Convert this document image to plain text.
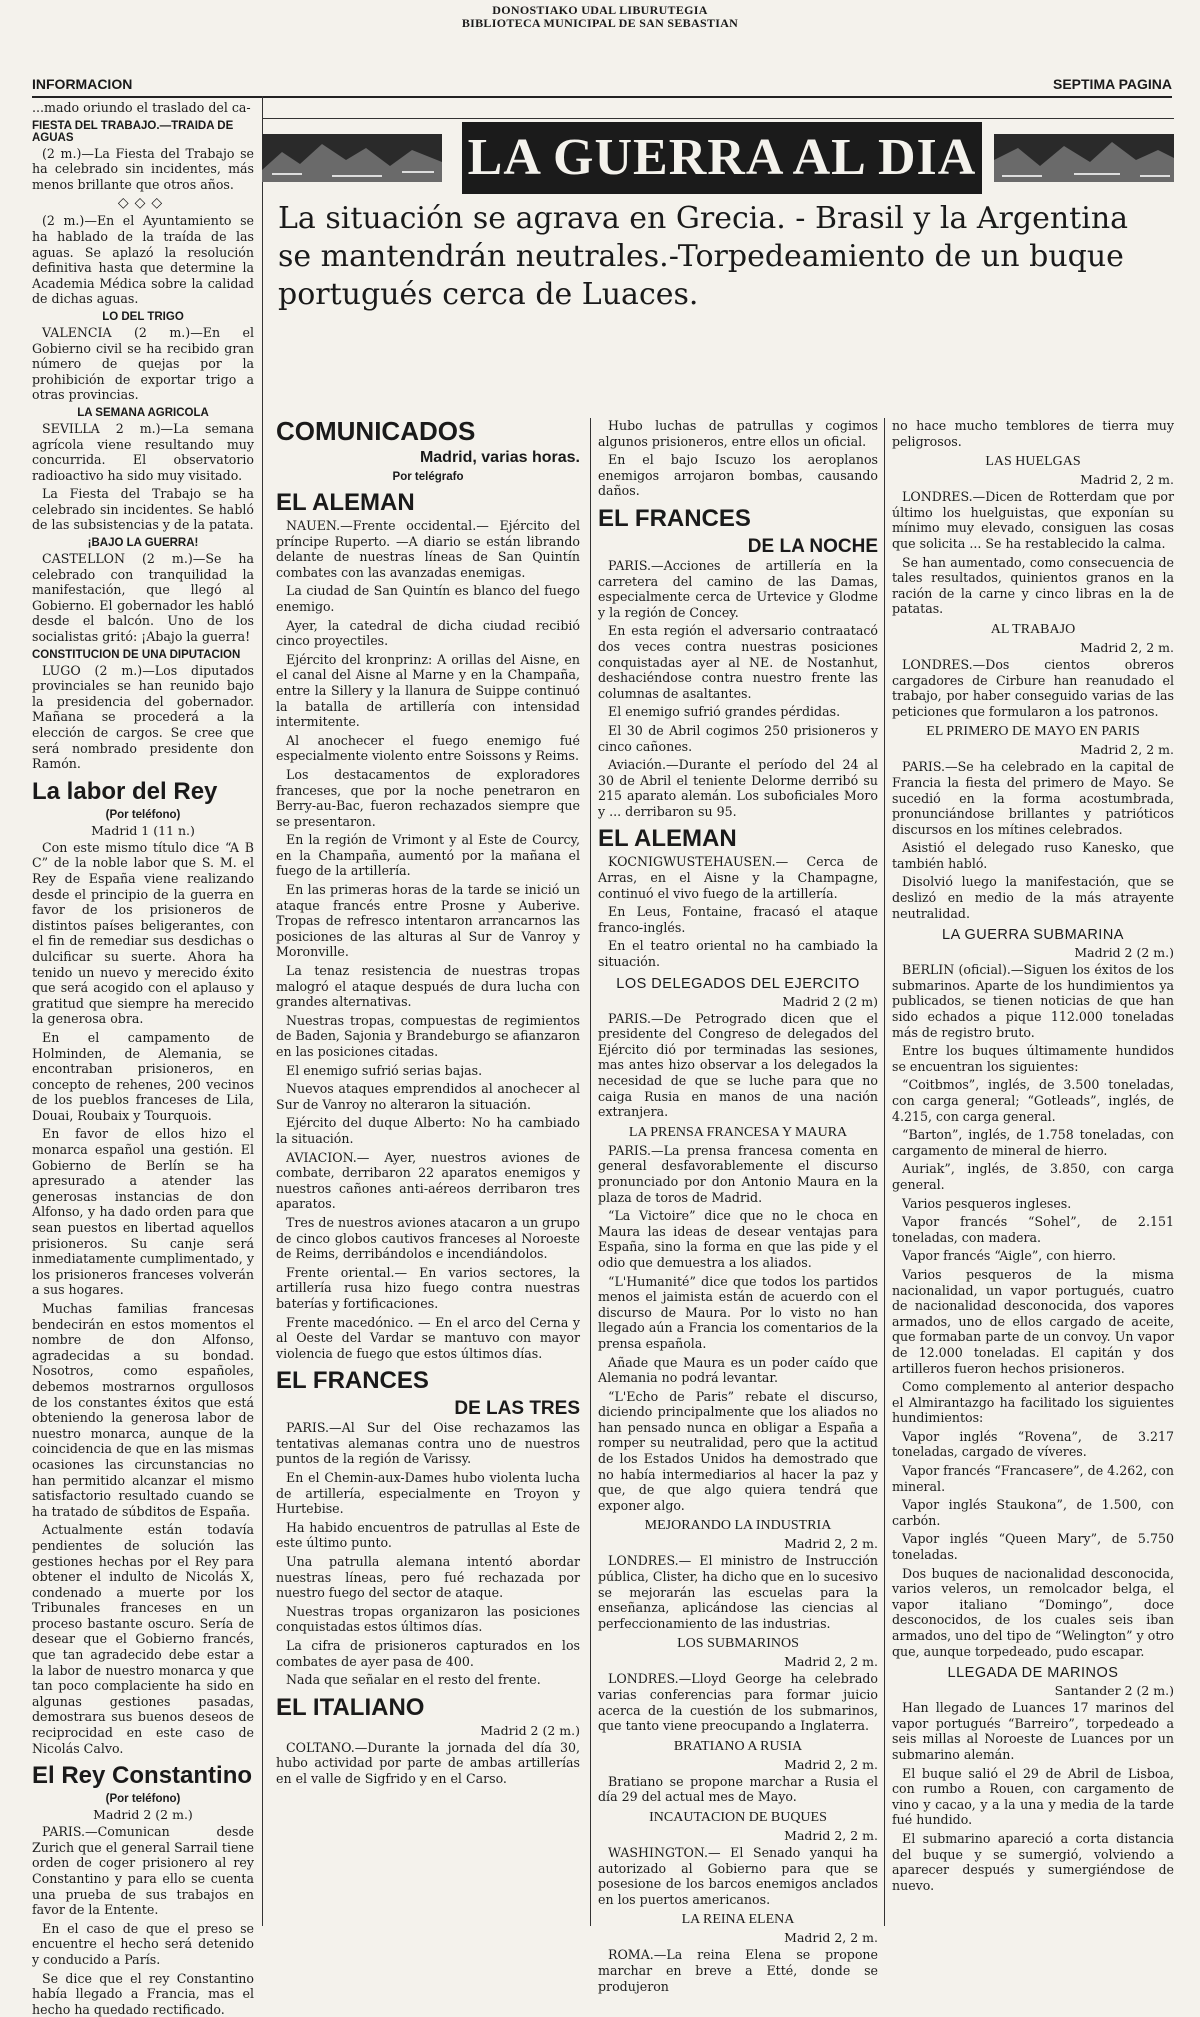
DONOSTIAKO UDAL LIBURUTEGIA
BIBLIOTECA MUNICIPAL DE SAN SEBASTIAN
INFORMACION	SEPTIMA PAGINA
LA GUERRA AL DIA
La situación se agrava en Grecia. - Brasil y la Argentina se mantendrán neutrales.-Torpedeamiento de un buque portugués cerca de Luaces.

...mado oriundo el traslado del ca-

FIESTA DEL TRABAJO.—TRAIDA DE AGUAS

(2 m.)—La Fiesta del Trabajo se ha celebrado sin incidentes, más menos brillante que otros años.

◇◇◇

(2 m.)—En el Ayuntamiento se ha hablado de la traída de las aguas. Se aplazó la resolución definitiva hasta que determine la Academia Médica sobre la calidad de dichas aguas.

LO DEL TRIGO

VALENCIA (2 m.)—En el Gobierno civil se ha recibido gran número de quejas por la prohibición de exportar trigo a otras provincias.

LA SEMANA AGRICOLA

SEVILLA 2 m.)—La semana agrícola viene resultando muy concurrida. El observatorio radioactivo ha sido muy visitado.

La Fiesta del Trabajo se ha celebrado sin incidentes. Se habló de las subsistencias y de la patata.

¡BAJO LA GUERRA!

CASTELLON (2 m.)—Se ha celebrado con tranquilidad la manifestación, que llegó al Gobierno. El gobernador les habló desde el balcón. Uno de los socialistas gritó: ¡Abajo la guerra!

CONSTITUCION DE UNA DIPUTACION

LUGO (2 m.)—Los diputados provinciales se han reunido bajo la presidencia del gobernador. Mañana se procederá a la elección de cargos. Se cree que será nombrado presidente don Ramón.

La labor del Rey
(Por teléfono)
Madrid 1 (11 n.)

Con este mismo título dice “A B C” de la noble labor que S. M. el Rey de España viene realizando desde el principio de la guerra en favor de los prisioneros de distintos países beligerantes, con el fin de remediar sus desdichas o dulcificar su suerte. Ahora ha tenido un nuevo y merecido éxito que será acogido con el aplauso y gratitud que siempre ha merecido la generosa obra.

En el campamento de Holminden, de Alemania, se encontraban prisioneros, en concepto de rehenes, 200 vecinos de los pueblos franceses de Lila, Douai, Roubaix y Tourquois.

En favor de ellos hizo el monarca español una gestión. El Gobierno de Berlín se ha apresurado a atender las generosas instancias de don Alfonso, y ha dado orden para que sean puestos en libertad aquellos prisioneros. Su canje será inmediatamente cumplimentado, y los prisioneros franceses volverán a sus hogares.

Muchas familias francesas bendecirán en estos momentos el nombre de don Alfonso, agradecidas a su bondad. Nosotros, como españoles, debemos mostrarnos orgullosos de los constantes éxitos que está obteniendo la generosa labor de nuestro monarca, aunque de la coincidencia de que en las mismas ocasiones las circunstancias no han permitido alcanzar el mismo satisfactorio resultado cuando se ha tratado de súbditos de España.

Actualmente están todavía pendientes de solución las gestiones hechas por el Rey para obtener el indulto de Nicolás X, condenado a muerte por los Tribunales franceses en un proceso bastante oscuro. Sería de desear que el Gobierno francés, que tan agradecido debe estar a la labor de nuestro monarca y que tan poco complaciente ha sido en algunas gestiones pasadas, demostrara sus buenos deseos de reciprocidad en este caso de Nicolás Calvo.

El Rey Constantino
(Por teléfono)
Madrid 2 (2 m.)

PARIS.—Comunican desde Zurich que el general Sarrail tiene orden de coger prisionero al rey Constantino y para ello se cuenta una prueba de sus trabajos en favor de la Entente.

En el caso de que el preso se encuentre el hecho será detenido y conducido a París.

Se dice que el rey Constantino había llegado a Francia, mas el hecho ha quedado rectificado.

COMUNICADOS
Madrid, varias horas.
Por telégrafo
EL ALEMAN

NAUEN.—Frente occidental.— Ejército del príncipe Ruperto. —A diario se están librando delante de nuestras líneas de San Quintín combates con las avanzadas enemigas.

La ciudad de San Quintín es blanco del fuego enemigo.

Ayer, la catedral de dicha ciudad recibió cinco proyectiles.

Ejército del kronprinz: A orillas del Aisne, en el canal del Aisne al Marne y en la Champaña, entre la Sillery y la llanura de Suippe continuó la batalla de artillería con intensidad intermitente.

Al anochecer el fuego enemigo fué especialmente violento entre Soissons y Reims.

Los destacamentos de exploradores franceses, que por la noche penetraron en Berry-au-Bac, fueron rechazados siempre que se presentaron.

En la región de Vrimont y al Este de Courcy, en la Champaña, aumentó por la mañana el fuego de la artillería.

En las primeras horas de la tarde se inició un ataque francés entre Prosne y Auberive. Tropas de refresco intentaron arrancarnos las posiciones de las alturas al Sur de Vanroy y Moronville.

La tenaz resistencia de nuestras tropas malogró el ataque después de dura lucha con grandes alternativas.

Nuestras tropas, compuestas de regimientos de Baden, Sajonia y Brandeburgo se afianzaron en las posiciones citadas.

El enemigo sufrió serias bajas.

Nuevos ataques emprendidos al anochecer al Sur de Vanroy no alteraron la situación.

Ejército del duque Alberto: No ha cambiado la situación.

AVIACION.— Ayer, nuestros aviones de combate, derribaron 22 aparatos enemigos y nuestros cañones anti-aéreos derribaron tres aparatos.

Tres de nuestros aviones atacaron a un grupo de cinco globos cautivos franceses al Noroeste de Reims, derribándolos e incendiándolos.

Frente oriental.— En varios sectores, la artillería rusa hizo fuego contra nuestras baterías y fortificaciones.

Frente macedónico. — En el arco del Cerna y al Oeste del Vardar se mantuvo con mayor violencia de fuego que estos últimos días.

EL FRANCES
DE LAS TRES

PARIS.—Al Sur del Oise rechazamos las tentativas alemanas contra uno de nuestros puntos de la región de Varissy.

En el Chemin-aux-Dames hubo violenta lucha de artillería, especialmente en Troyon y Hurtebise.

Ha habido encuentros de patrullas al Este de este último punto.

Una patrulla alemana intentó abordar nuestras líneas, pero fué rechazada por nuestro fuego del sector de ataque.

Nuestras tropas organizaron las posiciones conquistadas estos últimos días.

La cifra de prisioneros capturados en los combates de ayer pasa de 400.

Nada que señalar en el resto del frente.

EL ITALIANO
Madrid 2 (2 m.)

COLTANO.—Durante la jornada del día 30, hubo actividad por parte de ambas artillerías en el valle de Sigfrido y en el Carso.

Hubo luchas de patrullas y cogimos algunos prisioneros, entre ellos un oficial.

En el bajo Iscuzo los aeroplanos enemigos arrojaron bombas, causando daños.

EL FRANCES
DE LA NOCHE

PARIS.—Acciones de artillería en la carretera del camino de las Damas, especialmente cerca de Urtevice y Glodme y la región de Concey.

En esta región el adversario contraatacó dos veces contra nuestras posiciones conquistadas ayer al NE. de Nostanhut, deshaciéndose contra nuestro frente las columnas de asaltantes.

El enemigo sufrió grandes pérdidas.

El 30 de Abril cogimos 250 prisioneros y cinco cañones.

Aviación.—Durante el período del 24 al 30 de Abril el teniente Delorme derribó su 215 aparato alemán. Los suboficiales Moro y ... derribaron su 95.

EL ALEMAN

KOCNIGWUSTEHAUSEN.— Cerca de Arras, en el Aisne y la Champagne, continuó el vivo fuego de la artillería.

En Leus, Fontaine, fracasó el ataque franco-inglés.

En el teatro oriental no ha cambiado la situación.

LOS DELEGADOS DEL EJERCITO
Madrid 2 (2 m)

PARIS.—De Petrogrado dicen que el presidente del Congreso de delegados del Ejército dió por terminadas las sesiones, mas antes hizo observar a los delegados la necesidad de que se luche para que no caiga Rusia en manos de una nación extranjera.

LA PRENSA FRANCESA Y MAURA

PARIS.—La prensa francesa comenta en general desfavorablemente el discurso pronunciado por don Antonio Maura en la plaza de toros de Madrid.

“La Victoire” dice que no le choca en Maura las ideas de desear ventajas para España, sino la forma en que las pide y el odio que demuestra a los aliados.

“L'Humanité” dice que todos los partidos menos el jaimista están de acuerdo con el discurso de Maura. Por lo visto no han llegado aún a Francia los comentarios de la prensa española.

Añade que Maura es un poder caído que Alemania no podrá levantar.

“L'Echo de Paris” rebate el discurso, diciendo principalmente que los aliados no han pensado nunca en obligar a España a romper su neutralidad, pero que la actitud de los Estados Unidos ha demostrado que no había intermediarios al hacer la paz y que, de que algo quiera tendrá que exponer algo.

MEJORANDO LA INDUSTRIA
Madrid 2, 2 m.

LONDRES.— El ministro de Instrucción pública, Clister, ha dicho que en lo sucesivo se mejorarán las escuelas para la enseñanza, aplicándose las ciencias al perfeccionamiento de las industrias.

LOS SUBMARINOS
Madrid 2, 2 m.

LONDRES.—Lloyd George ha celebrado varias conferencias para formar juicio acerca de la cuestión de los submarinos, que tanto viene preocupando a Inglaterra.

BRATIANO A RUSIA
Madrid 2, 2 m.

Bratiano se propone marchar a Rusia el día 29 del actual mes de Mayo.

INCAUTACION DE BUQUES
Madrid 2, 2 m.

WASHINGTON.— El Senado yanqui ha autorizado al Gobierno para que se posesione de los barcos enemigos anclados en los puertos americanos.

LA REINA ELENA
Madrid 2, 2 m.

ROMA.—La reina Elena se propone marchar en breve a Etté, donde se produjeron

no hace mucho temblores de tierra muy peligrosos.

LAS HUELGAS
Madrid 2, 2 m.

LONDRES.—Dicen de Rotterdam que por último los huelguistas, que exponían su mínimo muy elevado, consiguen las cosas que solicita ... Se ha restablecido la calma.

Se han aumentado, como consecuencia de tales resultados, quinientos granos en la ración de la carne y cinco libras en la de patatas.

AL TRABAJO
Madrid 2, 2 m.

LONDRES.—Dos cientos obreros cargadores de Cirbure han reanudado el trabajo, por haber conseguido varias de las peticiones que formularon a los patronos.

EL PRIMERO DE MAYO EN PARIS
Madrid 2, 2 m.

PARIS.—Se ha celebrado en la capital de Francia la fiesta del primero de Mayo. Se sucedió en la forma acostumbrada, pronunciándose brillantes y patrióticos discursos en los mítines celebrados.

Asistió el delegado ruso Kanesko, que también habló.

Disolvió luego la manifestación, que se deslizó en medio de la más atrayente neutralidad.

LA GUERRA SUBMARINA
Madrid 2 (2 m.)

BERLIN (oficial).—Siguen los éxitos de los submarinos. Aparte de los hundimientos ya publicados, se tienen noticias de que han sido echados a pique 112.000 toneladas más de registro bruto.

Entre los buques últimamente hundidos se encuentran los siguientes:

“Coitbmos”, inglés, de 3.500 toneladas, con carga general; “Gotleads”, inglés, de 4.215, con carga general.

“Barton”, inglés, de 1.758 toneladas, con cargamento de mineral de hierro.

Auriak”, inglés, de 3.850, con carga general.

Varios pesqueros ingleses.

Vapor francés “Sohel”, de 2.151 toneladas, con madera.

Vapor francés “Aigle”, con hierro.

Varios pesqueros de la misma nacionalidad, un vapor portugués, cuatro de nacionalidad desconocida, dos vapores armados, uno de ellos cargado de aceite, que formaban parte de un convoy. Un vapor de 12.000 toneladas. El capitán y dos artilleros fueron hechos prisioneros.

Como complemento al anterior despacho el Almirantazgo ha facilitado los siguientes hundimientos:

Vapor inglés “Rovena”, de 3.217 toneladas, cargado de víveres.

Vapor francés “Francasere”, de 4.262, con mineral.

Vapor inglés Staukona”, de 1.500, con carbón.

Vapor inglés “Queen Mary”, de 5.750 toneladas.

Dos buques de nacionalidad desconocida, varios veleros, un remolcador belga, el vapor italiano “Domingo”, doce desconocidos, de los cuales seis iban armados, uno del tipo de “Welington” y otro que, aunque torpedeado, pudo escapar.

LLEGADA DE MARINOS
Santander 2 (2 m.)

Han llegado de Luances 17 marinos del vapor portugués “Barreiro”, torpedeado a seis millas al Noroeste de Luances por un submarino alemán.

El buque salió el 29 de Abril de Lisboa, con rumbo a Rouen, con cargamento de vino y cacao, y a la una y media de la tarde fué hundido.

El submarino apareció a corta distancia del buque y se sumergió, volviendo a aparecer después y sumergiéndose de nuevo.
